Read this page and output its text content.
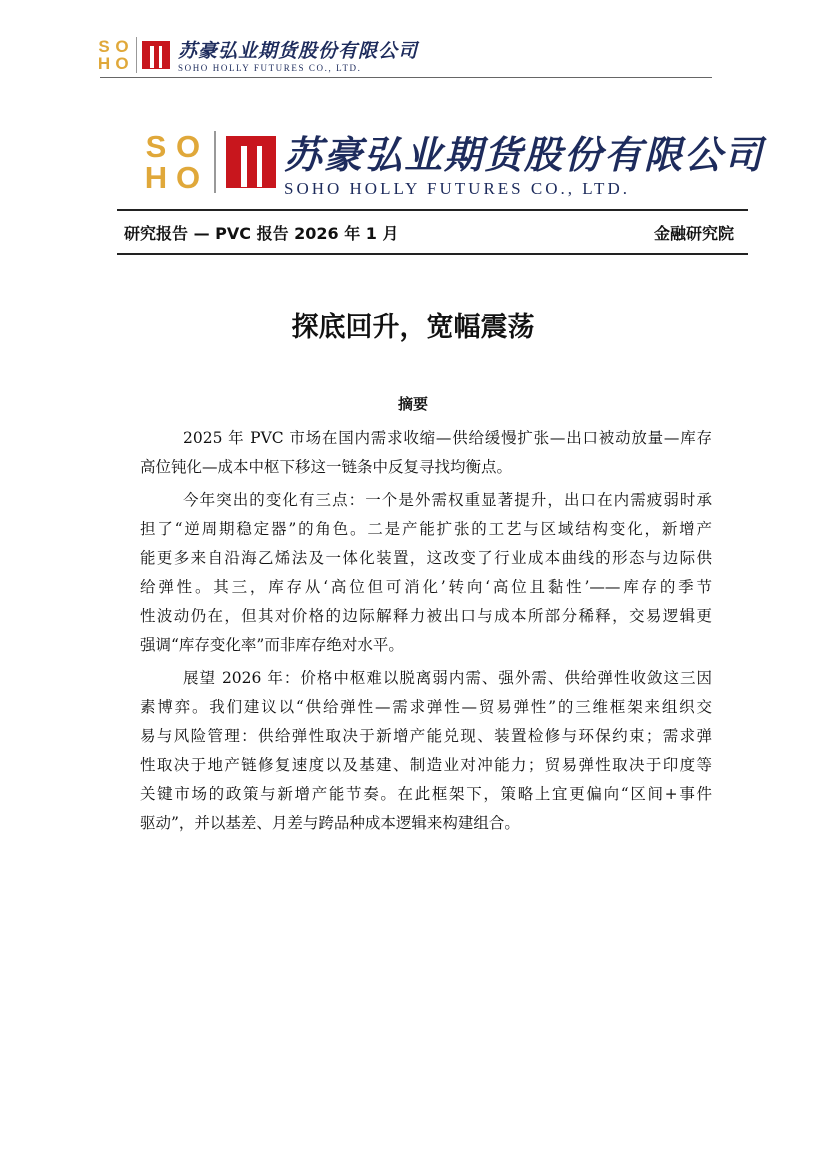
S O
H O
苏豪弘业期货股份有限公司
SOHO HOLLY FUTURES CO., LTD.
S O
H O 苏豪弘业期货股份有限公司
SOHO HOLLY FUTURES CO., LTD.
研究报告 — PVC 报告 2026 年 1 月	金融研究院
探底回升，宽幅震荡
摘要
2025 年 PVC 市场在国内需求收缩—供给缓慢扩张—出口被动放量—库存
高位钝化—成本中枢下移这一链条中反复寻找均衡点。
今年突出的变化有三点：一个是外需权重显著提升，出口在内需疲弱时承
担了“逆周期稳定器”的角色。二是产能扩张的工艺与区域结构变化，新增产
能更多来自沿海乙烯法及一体化装置，这改变了行业成本曲线的形态与边际供
给弹性。其三，库存从‘高位但可消化’转向‘高位且黏性’——库存的季节
性波动仍在，但其对价格的边际解释力被出口与成本所部分稀释，交易逻辑更
强调“库存变化率”而非库存绝对水平。
展望 2026 年：价格中枢难以脱离弱内需、强外需、供给弹性收敛这三因
素博弈。我们建议以“供给弹性—需求弹性—贸易弹性”的三维框架来组织交
易与风险管理：供给弹性取决于新增产能兑现、装置检修与环保约束；需求弹
性取决于地产链修复速度以及基建、制造业对冲能力；贸易弹性取决于印度等
关键市场的政策与新增产能节奏。在此框架下，策略上宜更偏向“区间+事件
驱动”，并以基差、月差与跨品种成本逻辑来构建组合。
